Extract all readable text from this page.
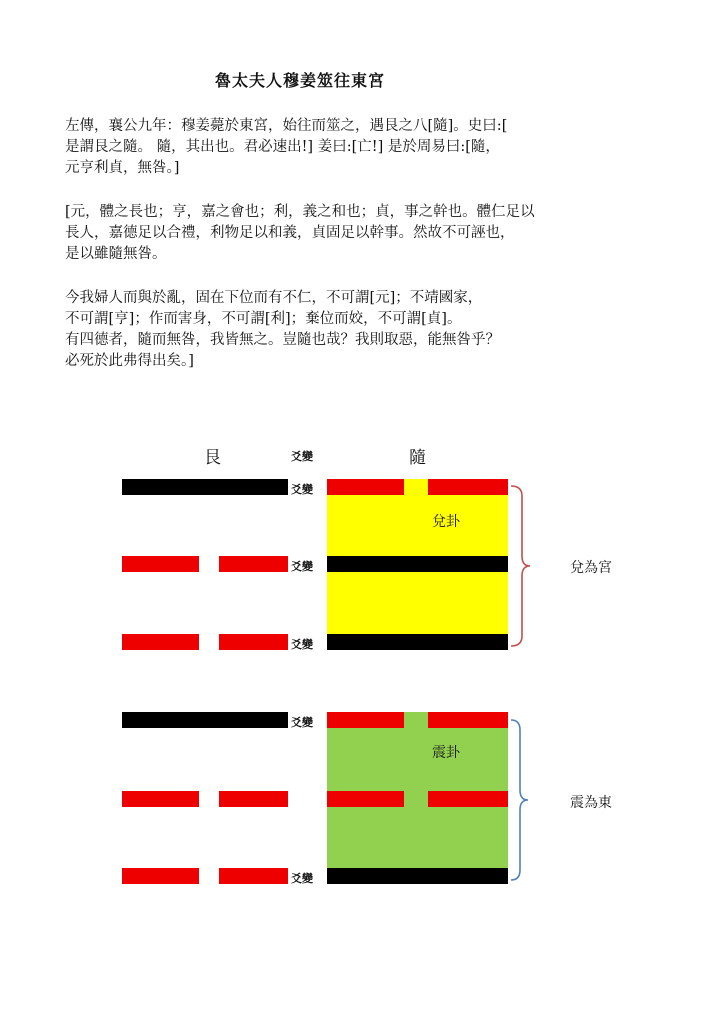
魯太夫人穆姜筮往東宮
左傳，襄公九年：穆姜薨於東宮，始往而筮之，遇艮之八[隨]。史曰:[
是謂艮之隨。 隨，其出也。君必速出!] 姜曰:[亡!] 是於周易曰:[隨，
元亨利貞，無咎。]
[元，體之長也；亨，嘉之會也；利，義之和也；貞，事之幹也。體仁足以
長人，嘉德足以合禮，利物足以和義，貞固足以幹事。然故不可誣也，
是以雖隨無咎。
今我婦人而與於亂，固在下位而有不仁，不可謂[元]；不靖國家，
不可謂[亨]；作而害身，不可謂[利]；棄位而姣，不可謂[貞]。
有四德者，隨而無咎，我皆無之。豈隨也哉？我則取惡，能無咎乎？
必死於此弗得出矣。]
艮	爻變	隨
兌卦
震卦
爻變
爻變
爻變
爻變
爻變
兌為宮
震為東
